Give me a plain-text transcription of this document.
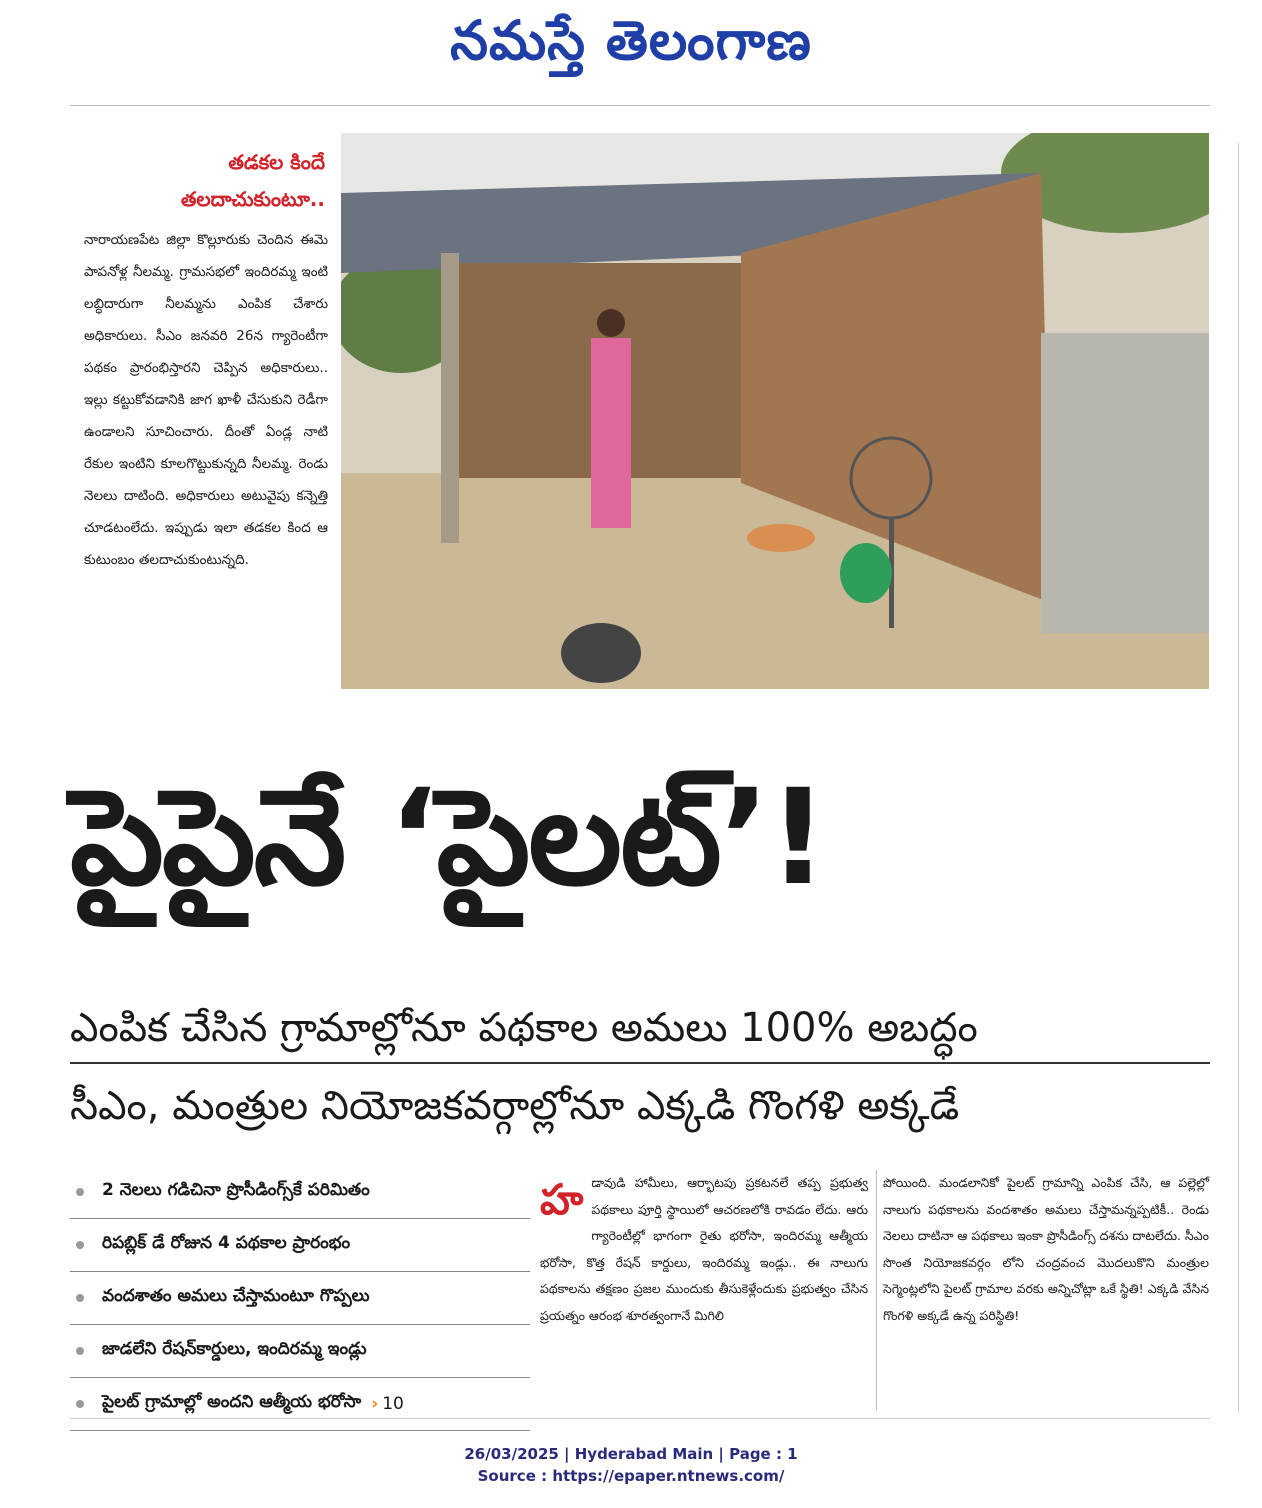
నమస్తే తెలంగాణ
తడకల కిందే
తలదాచుకుంటూ..
నారాయణపేట జిల్లా కొల్లూరుకు చెందిన ఈమె పాపనోళ్ల నీలమ్మ. గ్రామసభలో ఇందిరమ్మ ఇంటి లబ్ధిదారుగా నీలమ్మను ఎంపిక చేశారు అధికారులు. సీఎం జనవరి 26న గ్యారెంటీగా పథకం ప్రారంభిస్తారని చెప్పిన అధికారులు.. ఇల్లు కట్టుకోవడానికి జాగ ఖాళీ చేసుకుని రెడీగా ఉండాలని సూచించారు. దీంతో ఏండ్ల నాటి రేకుల ఇంటిని కూలగొట్టుకున్నది నీలమ్మ. రెండు నెలలు దాటింది. అధికారులు అటువైపు కన్నెత్తి చూడటంలేదు. ఇప్పుడు ఇలా తడకల కింద ఆ కుటుంబం తలదాచుకుంటున్నది.
పైపైనే ‘పైలట్’!
ఎంపిక చేసిన గ్రామాల్లోనూ పథకాల అమలు 100% అబద్ధం
సీఎం, మంత్రుల నియోజకవర్గాల్లోనూ ఎక్కడి గొంగళి అక్కడే
2 నెలలు గడిచినా ప్రొసీడింగ్స్‌కే పరిమితం
రిపబ్లిక్ డే రోజున 4 పథకాల ప్రారంభం
వందశాతం అమలు చేస్తామంటూ గొప్పలు
జాడలేని రేషన్‌కార్డులు, ఇందిరమ్మ ఇండ్లు
పైలట్ గ్రామాల్లో అందని ఆత్మీయ భరోసా › 10
హడావుడి హామీలు, ఆర్భాటపు ప్రకటనలే తప్ప ప్రభుత్వ పథకాలు పూర్తి స్థాయిలో ఆచరణలోకి రావడం లేదు. ఆరు గ్యారెంటీల్లో భాగంగా రైతు భరోసా, ఇందిరమ్మ ఆత్మీయ భరోసా, కొత్త రేషన్ కార్డులు, ఇందిరమ్మ ఇండ్లు.. ఈ నాలుగు పథకాలను తక్షణం ప్రజల ముందుకు తీసుకెళ్లేందుకు ప్రభుత్వం చేసిన ప్రయత్నం ఆరంభ శూరత్వంగానే మిగిలి
పోయింది. మండలానికో పైలట్ గ్రామాన్ని ఎంపిక చేసి, ఆ పల్లెల్లో నాలుగు పథకాలను వందశాతం అమలు చేస్తామన్నప్పటికీ.. రెండు నెలలు దాటినా ఆ పథకాలు ఇంకా ప్రొసీడింగ్స్ దశను దాటలేదు. సీఎం సొంత నియోజకవర్గం లోని చంద్రవంచ మొదలుకొని మంత్రుల సెగ్మెంట్లలోని పైలట్ గ్రామాల వరకు అన్నిచోట్లా ఒకే స్థితి! ఎక్కడి వేసిన గొంగళి అక్కడే ఉన్న పరిస్థితి!
26/03/2025 | Hyderabad Main | Page : 1
Source : https://epaper.ntnews.com/
